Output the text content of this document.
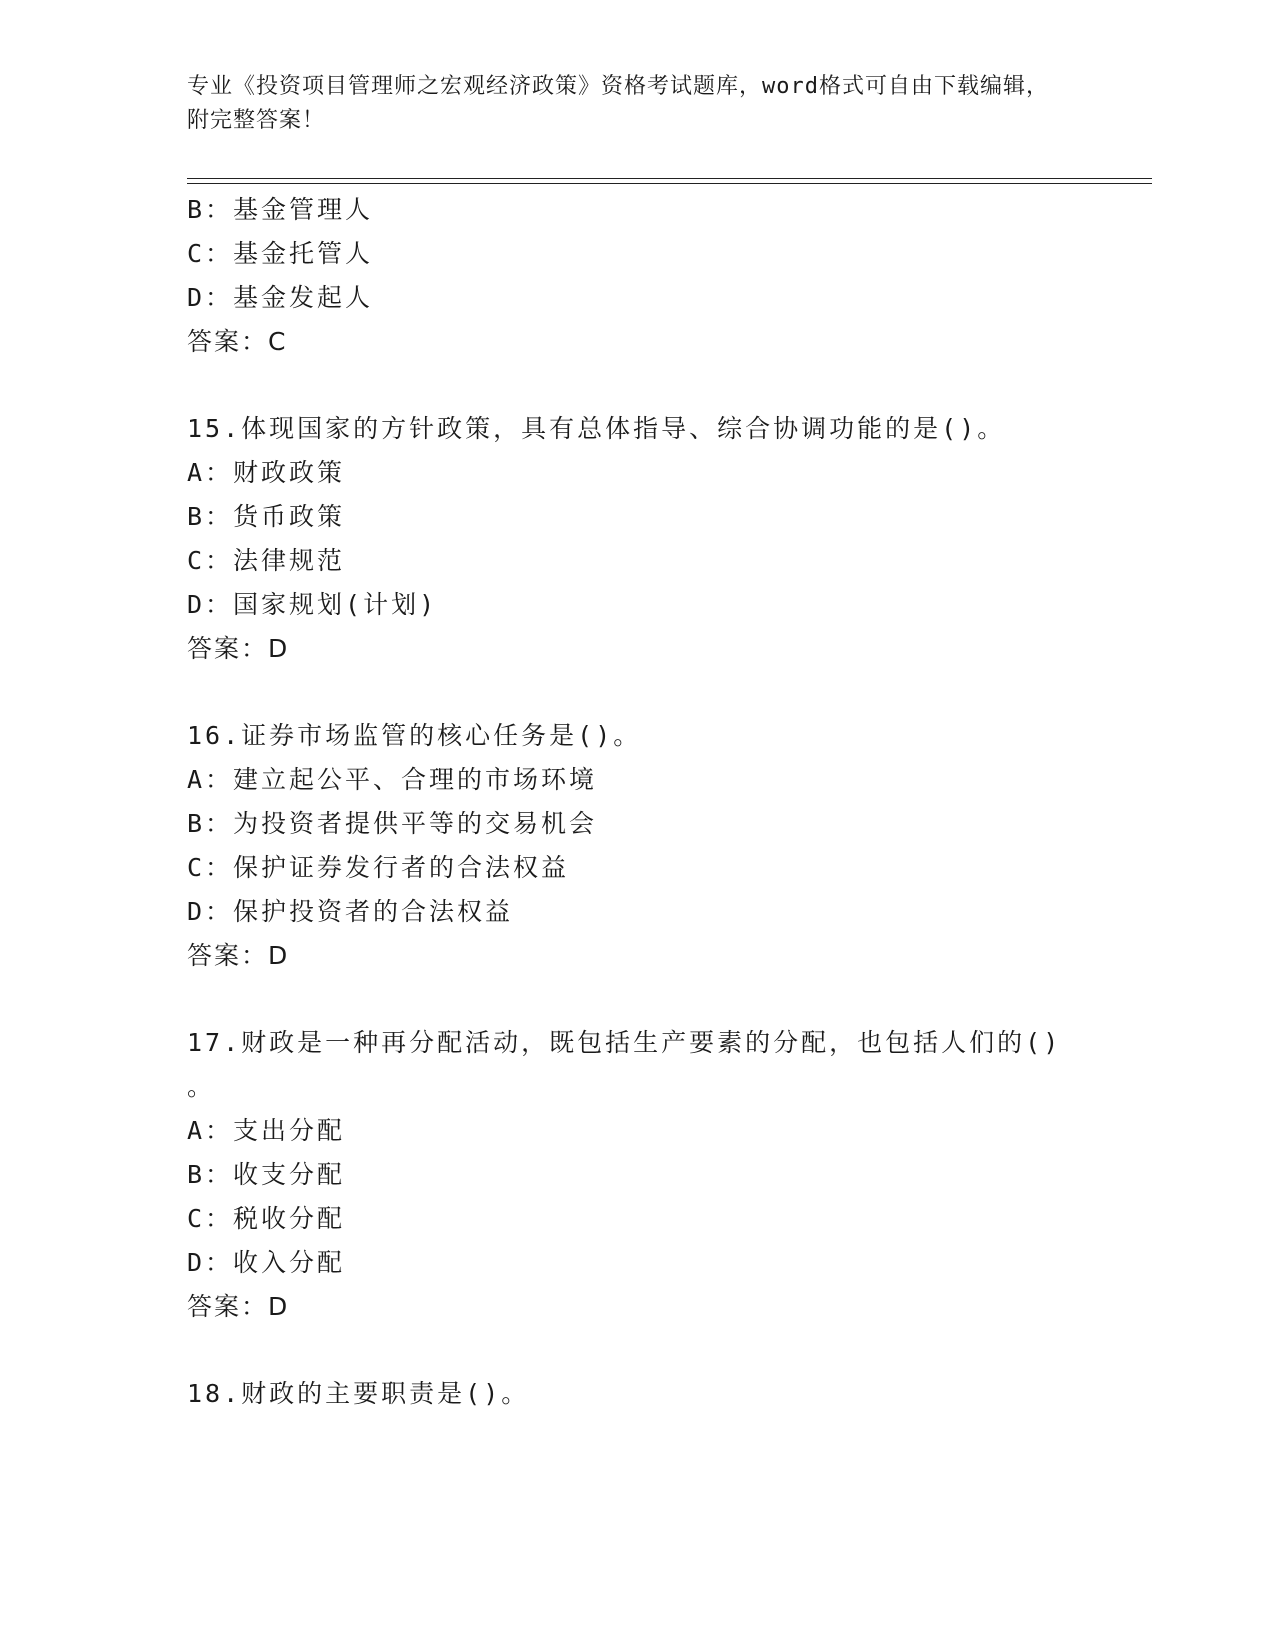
专业《投资项目管理师之宏观经济政策》资格考试题库，word格式可自由下载编辑，附完整答案！
B：基金管理人
C：基金托管人
D：基金发起人
答案：C
15.体现国家的方针政策，具有总体指导、综合协调功能的是()。
A：财政政策
B：货币政策
C：法律规范
D：国家规划(计划)
答案：D
16.证券市场监管的核心任务是()。
A：建立起公平、合理的市场环境
B：为投资者提供平等的交易机会
C：保护证券发行者的合法权益
D：保护投资者的合法权益
答案：D
17.财政是一种再分配活动，既包括生产要素的分配，也包括人们的()
。
A：支出分配
B：收支分配
C：税收分配
D：收入分配
答案：D
18.财政的主要职责是()。
